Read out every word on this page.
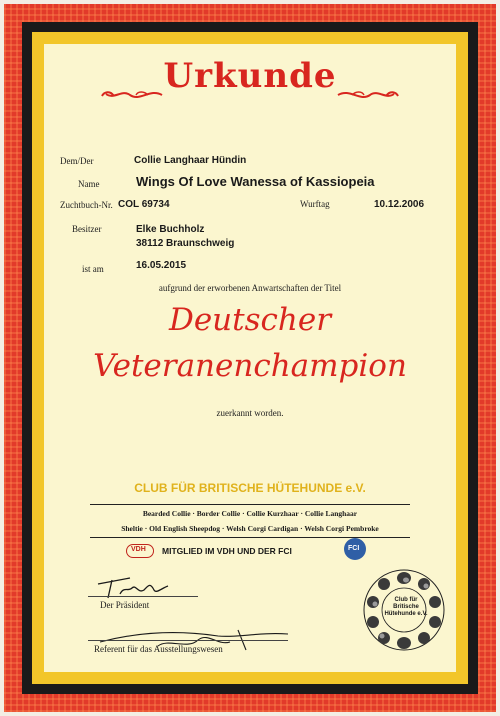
Urkunde
Dem/Der	Collie Langhaar Hündin
Name	Wings Of Love Wanessa of Kassiopeia
Zuchtbuch-Nr. COL 69734	Wurftag	10.12.2006
Besitzer	Elke Buchholz
38112 Braunschweig
ist am	16.05.2015
aufgrund der erworbenen Anwartschaften der Titel
Deutscher
Veteranenchampion
zuerkannt worden.
CLUB FÜR BRITISCHE HÜTEHUNDE e.V.
Bearded Collie · Border Collie · Collie Kurzhaar · Collie Langhaar
Sheltie · Old English Sheepdog · Welsh Corgi Cardigan · Welsh Corgi Pembroke
VDH MITGLIED IM VDH UND DER FCI	FCI
Club für Britische Hütehunde e.V.
Der Präsident
Referent für das Ausstellungswesen
